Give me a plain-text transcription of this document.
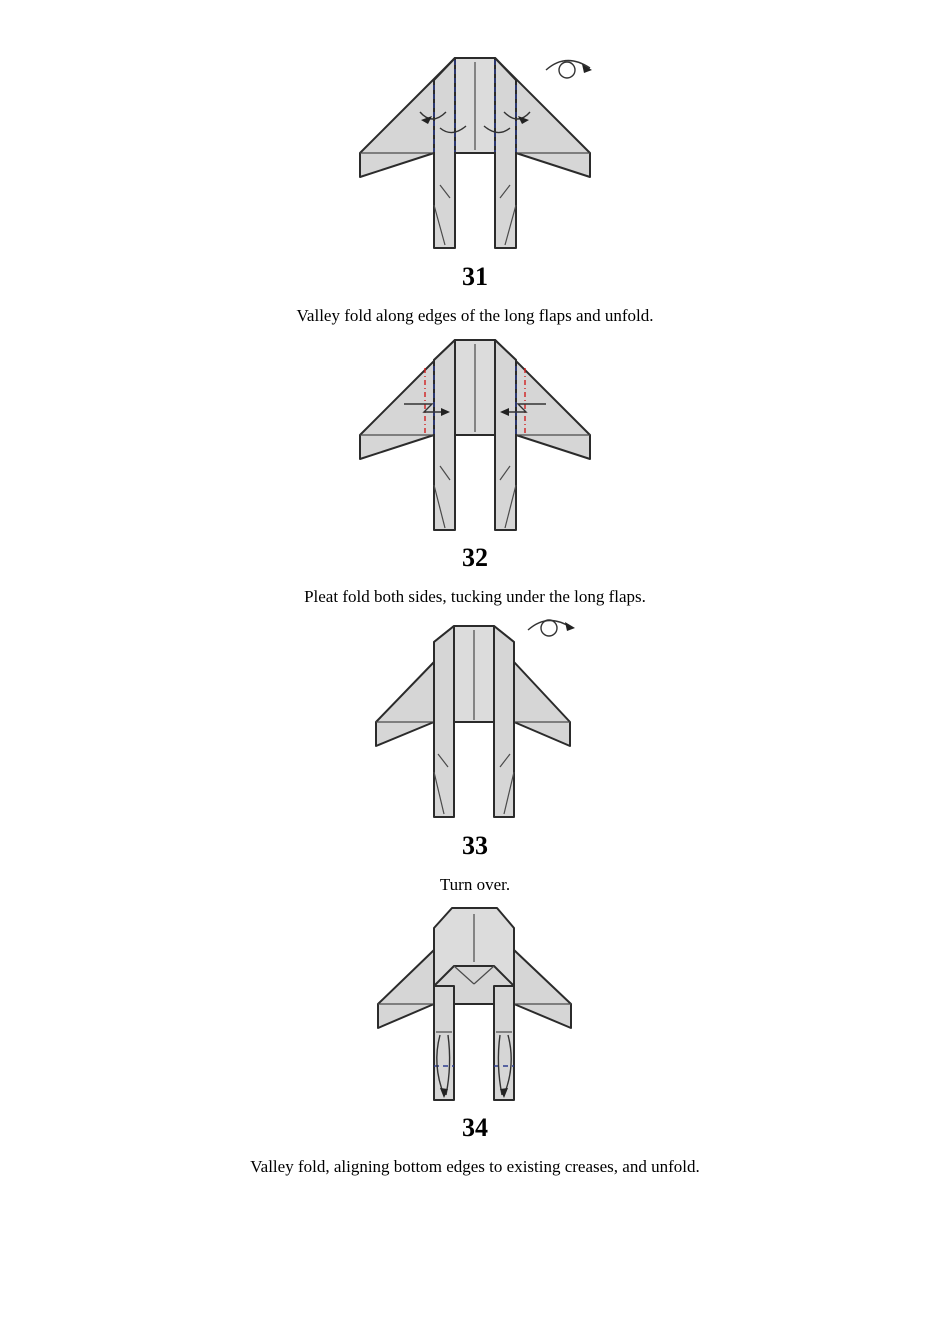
31
Valley fold along edges of the long flaps and unfold.
32
Pleat fold both sides, tucking under the long flaps.
33
Turn over.
34
Valley fold, aligning bottom edges to existing creases, and unfold.
